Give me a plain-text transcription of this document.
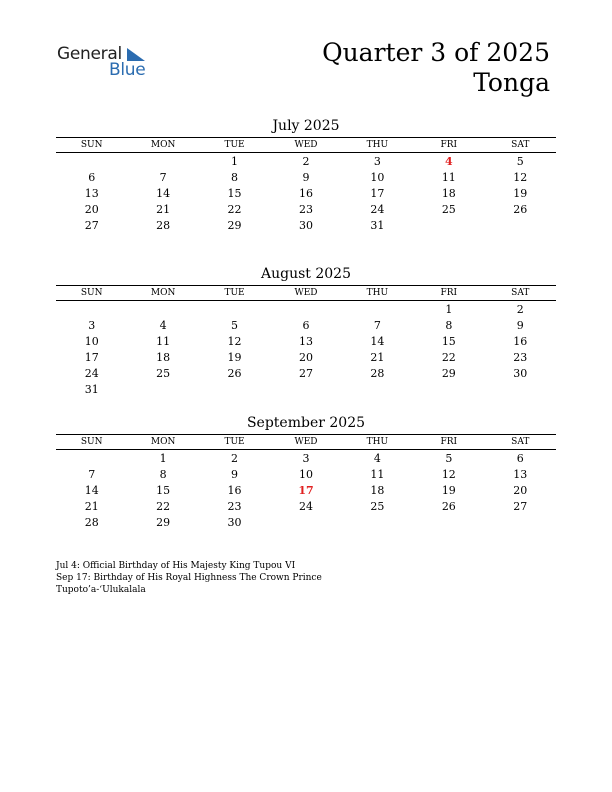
General
Blue
Quarter 3 of 2025
Tonga
July 2025
SUN	MON	TUE	WED	THU	FRI	SAT

		1	2	3	4	5
6	7	8	9	10	11	12
13	14	15	16	17	18	19
20	21	22	23	24	25	26
27	28	29	30	31		
August 2025
SUN	MON	TUE	WED	THU	FRI	SAT

					1	2
3	4	5	6	7	8	9
10	11	12	13	14	15	16
17	18	19	20	21	22	23
24	25	26	27	28	29	30
31						
September 2025
SUN	MON	TUE	WED	THU	FRI	SAT

	1	2	3	4	5	6
7	8	9	10	11	12	13
14	15	16	17	18	19	20
21	22	23	24	25	26	27
28	29	30				
Jul 4: Official Birthday of His Majesty King Tupou VI
Sep 17: Birthday of His Royal Highness The Crown Prince Tupoto’a-‘Ulukalala
